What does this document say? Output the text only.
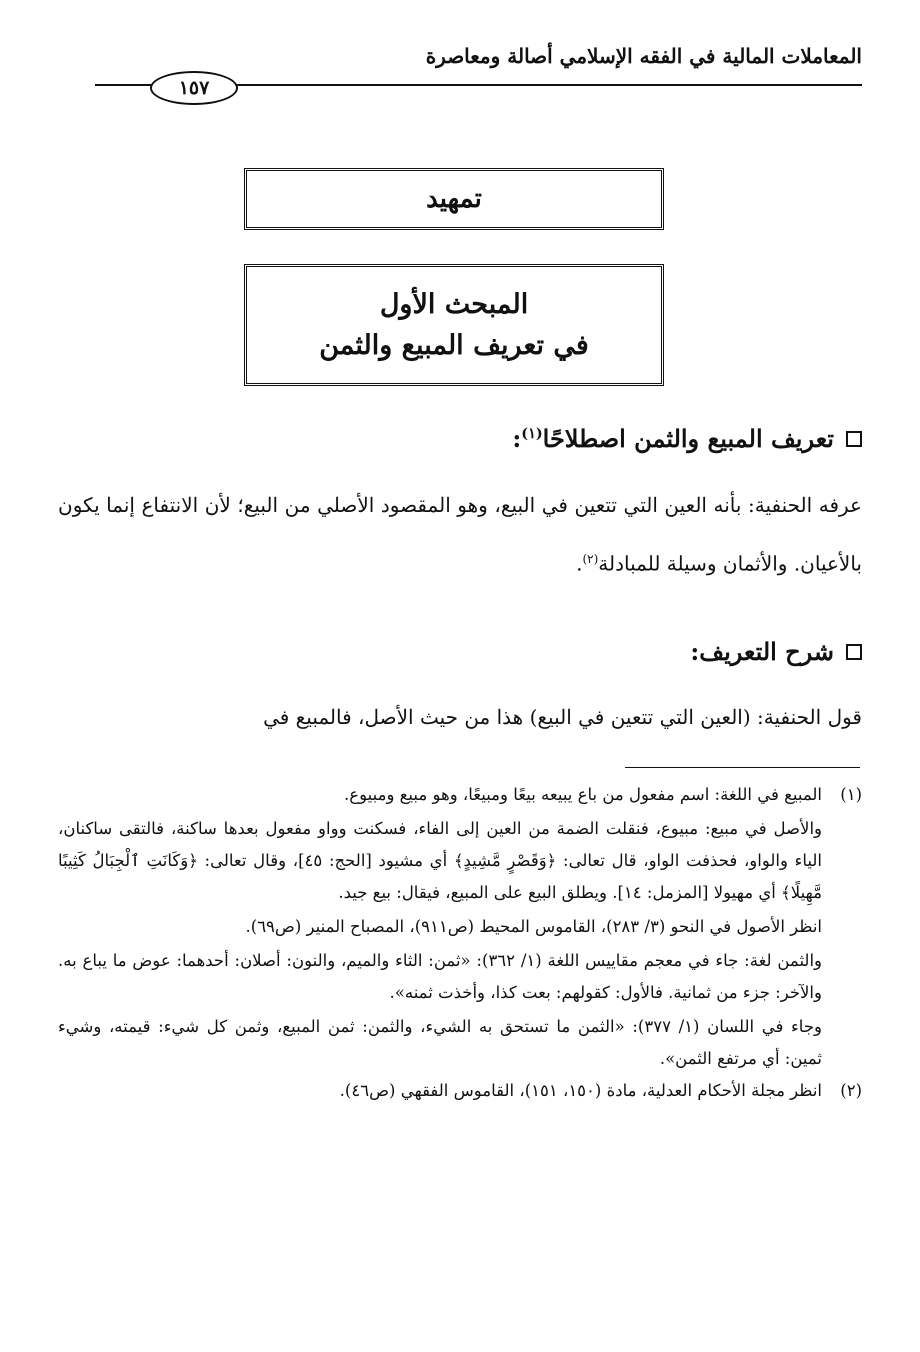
المعاملات المالية في الفقه الإسلامي أصالة ومعاصرة
١٥٧
تمهيد
المبحث الأول
في تعريف المبيع والثمن
تعريف المبيع والثمن اصطلاحًا$^{(١)}$:
عرفه الحنفية: بأنه العين التي تتعين في البيع، وهو المقصود الأصلي من البيع؛ لأن الانتفاع إنما يكون بالأعيان. والأثمان وسيلة للمبادلة$^{(٢)}$.
شرح التعريف:
قول الحنفية: (العين التي تتعين في البيع) هذا من حيث الأصل، فالمبيع في
(١)

المبيع في اللغة: اسم مفعول من باع يبيعه بيعًا ومبيعًا، وهو مبيع ومبيوع.

والأصل في مبيع: مبيوع، فنقلت الضمة من العين إلى الفاء، فسكنت وواو مفعول بعدها ساكنة، فالتقى ساكنان، الياء والواو، فحذفت الواو، قال تعالى: ﴿وَقَصْرٍ مَّشِيدٍ﴾ أي مشيود [الحج: ٤٥]، وقال تعالى: ﴿وَكَانَتِ ٱلْجِبَالُ كَثِيبًا مَّهِيلًا﴾ أي مهيولا [المزمل: ١٤]. ويطلق البيع على المبيع، فيقال: بيع جيد.

انظر الأصول في النحو (٣/ ٢٨٣)، القاموس المحيط (ص٩١١)، المصباح المنير (ص٦٩).

والثمن لغة: جاء في معجم مقاييس اللغة (١/ ٣٦٢): «ثمن: الثاء والميم، والنون: أصلان: أحدهما: عوض ما يباع به. والآخر: جزء من ثمانية. فالأول: كقولهم: بعت كذا، وأخذت ثمنه».

وجاء في اللسان (١/ ٣٧٧): «الثمن ما تستحق به الشيء، والثمن: ثمن المبيع، وثمن كل شيء: قيمته، وشيء ثمين: أي مرتفع الثمن».

(٢)

انظر مجلة الأحكام العدلية، مادة (١٥٠، ١٥١)، القاموس الفقهي (ص٤٦).
